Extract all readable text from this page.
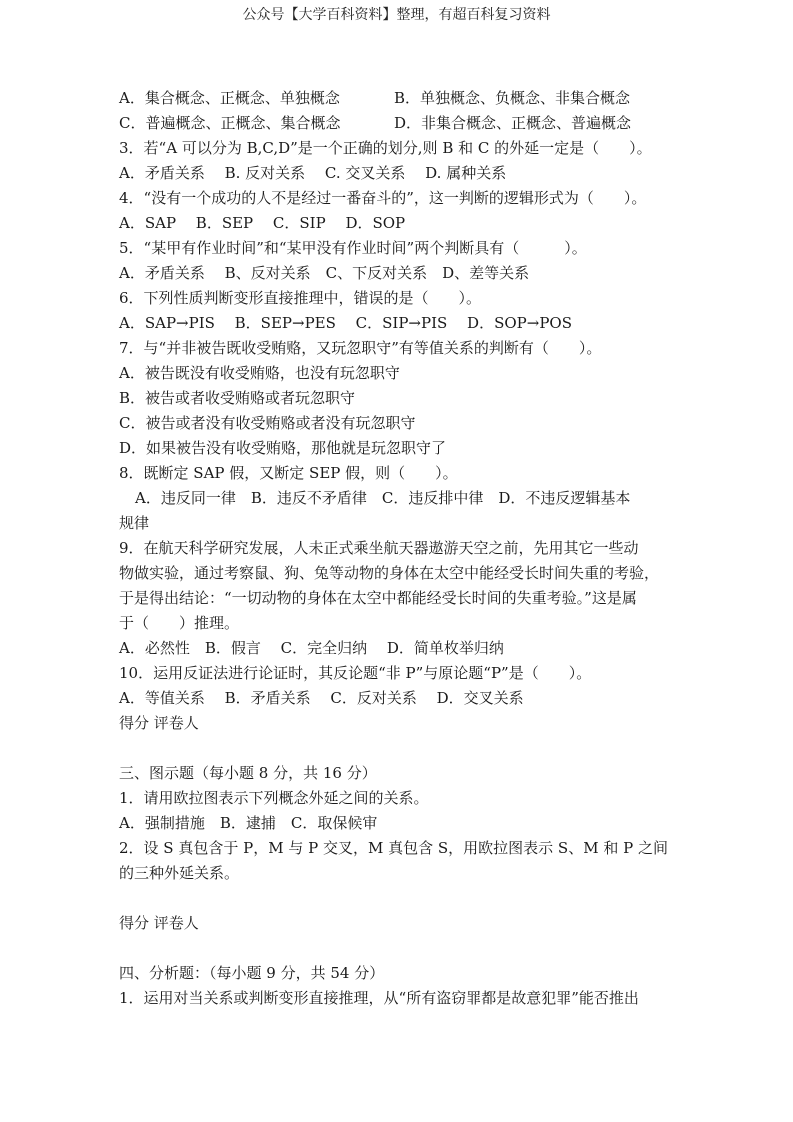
公众号【大学百科资料】整理，有超百科复习资料
A．集合概念、正概念、单独概念	B．单独概念、负概念、非集合概念
C．普遍概念、正概念、集合概念	D．非集合概念、正概念、普遍概念
3．若“A 可以分为 B,C,D”是一个正确的划分,则 B 和 C 的外延一定是（　　）。
A．矛盾关系　 B. 反对关系　 C. 交叉关系　 D. 属种关系
4．“没有一个成功的人不是经过一番奋斗的”，这一判断的逻辑形式为（　　）。
A．SAP　 B．SEP　 C．SIP　 D．SOP
5．“某甲有作业时间”和“某甲没有作业时间”两个判断具有（　　　）。
A．矛盾关系　 B、反对关系　C、下反对关系　D、差等关系
6．下列性质判断变形直接推理中，错误的是（　　）。
A．SAP→PIS　 B．SEP→PES　 C．SIP→PIS　 D．SOP→POS
7．与“并非被告既收受贿赂，又玩忽职守”有等值关系的判断有（　　）。
A．被告既没有收受贿赂，也没有玩忽职守
B．被告或者收受贿赂或者玩忽职守
C．被告或者没有收受贿赂或者没有玩忽职守
D．如果被告没有收受贿赂，那他就是玩忽职守了
8．既断定 SAP 假，又断定 SEP 假，则（　　）。
A．违反同一律　B．违反不矛盾律　C．违反排中律　D．不违反逻辑基本
规律
9．在航天科学研究发展，人未正式乘坐航天器遨游天空之前，先用其它一些动
物做实验，通过考察鼠、狗、兔等动物的身体在太空中能经受长时间失重的考验，
于是得出结论：“一切动物的身体在太空中都能经受长时间的失重考验。”这是属
于（　　）推理。
A．必然性　B．假言　 C．完全归纳　 D．简单枚举归纳
10．运用反证法进行论证时，其反论题“非 P”与原论题“P”是（　　）。
A．等值关系　 B．矛盾关系　 C．反对关系　 D．交叉关系
得分 评卷人
三、图示题（每小题 8 分，共 16 分）
1．请用欧拉图表示下列概念外延之间的关系。
A．强制措施　B．逮捕　C．取保候审
2．设 S 真包含于 P，M 与 P 交叉，M 真包含 S，用欧拉图表示 S、M 和 P 之间
的三种外延关系。
得分 评卷人
四、分析题：（每小题 9 分，共 54 分）
1．运用对当关系或判断变形直接推理，从“所有盗窃罪都是故意犯罪”能否推出
